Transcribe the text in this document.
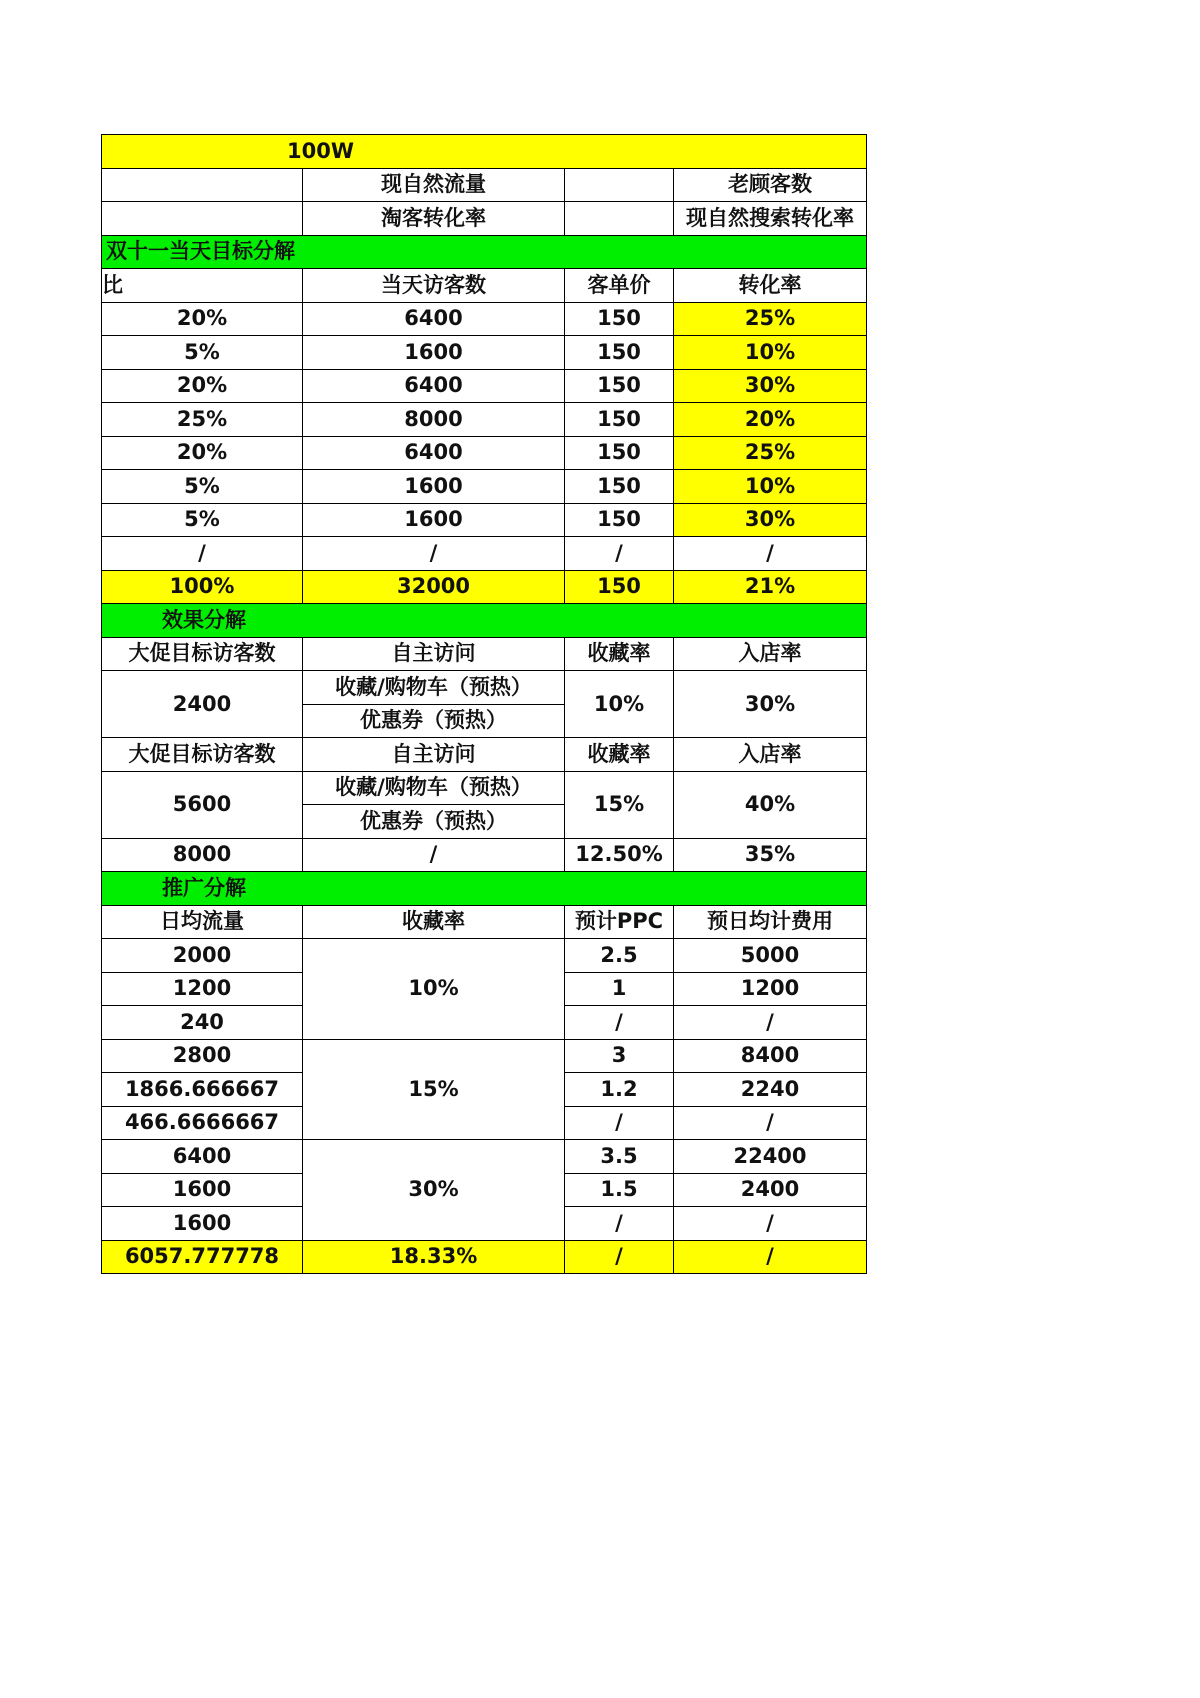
100W			
	现自然流量		老顾客数
	淘客转化率		现自然搜索转化率
双十一当天目标分解			
比	当天访客数	客单价	转化率
20%	6400	150	25%
5%	1600	150	10%
20%	6400	150	30%
25%	8000	150	20%
20%	6400	150	25%
5%	1600	150	10%
5%	1600	150	30%
/	/	/	/
100%	32000	150	21%
效果分解			
大促目标访客数	自主访问	收藏率	入店率
2400	收藏/购物车（预热）	10%	30%
	优惠券（预热）		
大促目标访客数	自主访问	收藏率	入店率
5600	收藏/购物车（预热）	15%	40%
	优惠券（预热）		
8000	/	12.50%	35%
推广分解			
日均流量	收藏率	预计PPC	预日均计费用
2000	10%	2.5	5000
1200		1	1200
240		/	/
2800	15%	3	8400
1866.666667		1.2	2240
466.6666667		/	/
6400	30%	3.5	22400
1600		1.5	2400
1600		/	/
6057.777778	18.33%	/	/
